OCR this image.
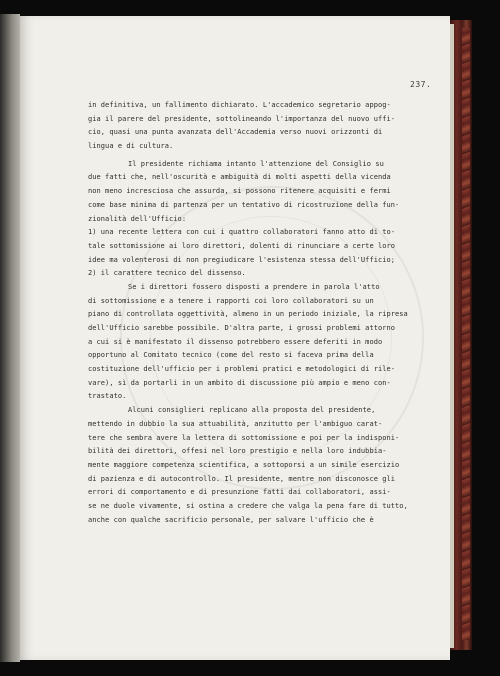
237.
in definitiva, un fallimento dichiarato. L'accademico segretario appog-
gia il parere del presidente, sottolineando l'importanza del nuovo uffi-
cio, quasi una punta avanzata dell'Accademia verso nuovi orizzonti di
lingua e di cultura.
Il presidente richiama intanto l'attenzione del Consiglio su
due fatti che, nell'oscurità e ambiguità di molti aspetti della vicenda
non meno incresciosa che assurda, si possono ritenere acquisiti e fermi
come base minima di partenza per un tentativo di ricostruzione della fun-
zionalità dell'Ufficio:
1) una recente lettera con cui i quattro collaboratori fanno atto di to-
tale sottomissione ai loro direttori, dolenti di rinunciare a certe loro
idee ma volenterosi di non pregiudicare l'esistenza stessa dell'Ufficio;
2) il carattere tecnico del dissenso.
Se i direttori fossero disposti a prendere in parola l'atto
di sottomissione e a tenere i rapporti coi loro collaboratori su un
piano di controllata oggettività, almeno in un periodo iniziale, la ripresa
dell'Ufficio sarebbe possibile. D'altra parte, i grossi problemi attorno
a cui si è manifestato il dissenso potrebbero essere deferiti in modo
opportuno al Comitato tecnico (come del resto si faceva prima della
costituzione dell'ufficio per i problemi pratici e metodologici di rile-
vare), sì da portarli in un ambito di discussione più ampio e meno con-
trastato.
Alcuni consiglieri replicano alla proposta del presidente,
mettendo in dubbio la sua attuabilità, anzitutto per l'ambiguo carat-
tere che sembra avere la lettera di sottomissione e poi per la indisponi-
bilità dei direttori, offesi nel loro prestigio e nella loro indubbia-
mente maggiore competenza scientifica, a sottoporsi a un simile esercizio
di pazienza e di autocontrollo. Il presidente, mentre non disconosce gli
errori di comportamento e di presunzione fatti dai collaboratori, assi-
se ne duole vivamente, si ostina a credere che valga la pena fare di tutto,
anche con qualche sacrificio personale, per salvare l'ufficio che è
